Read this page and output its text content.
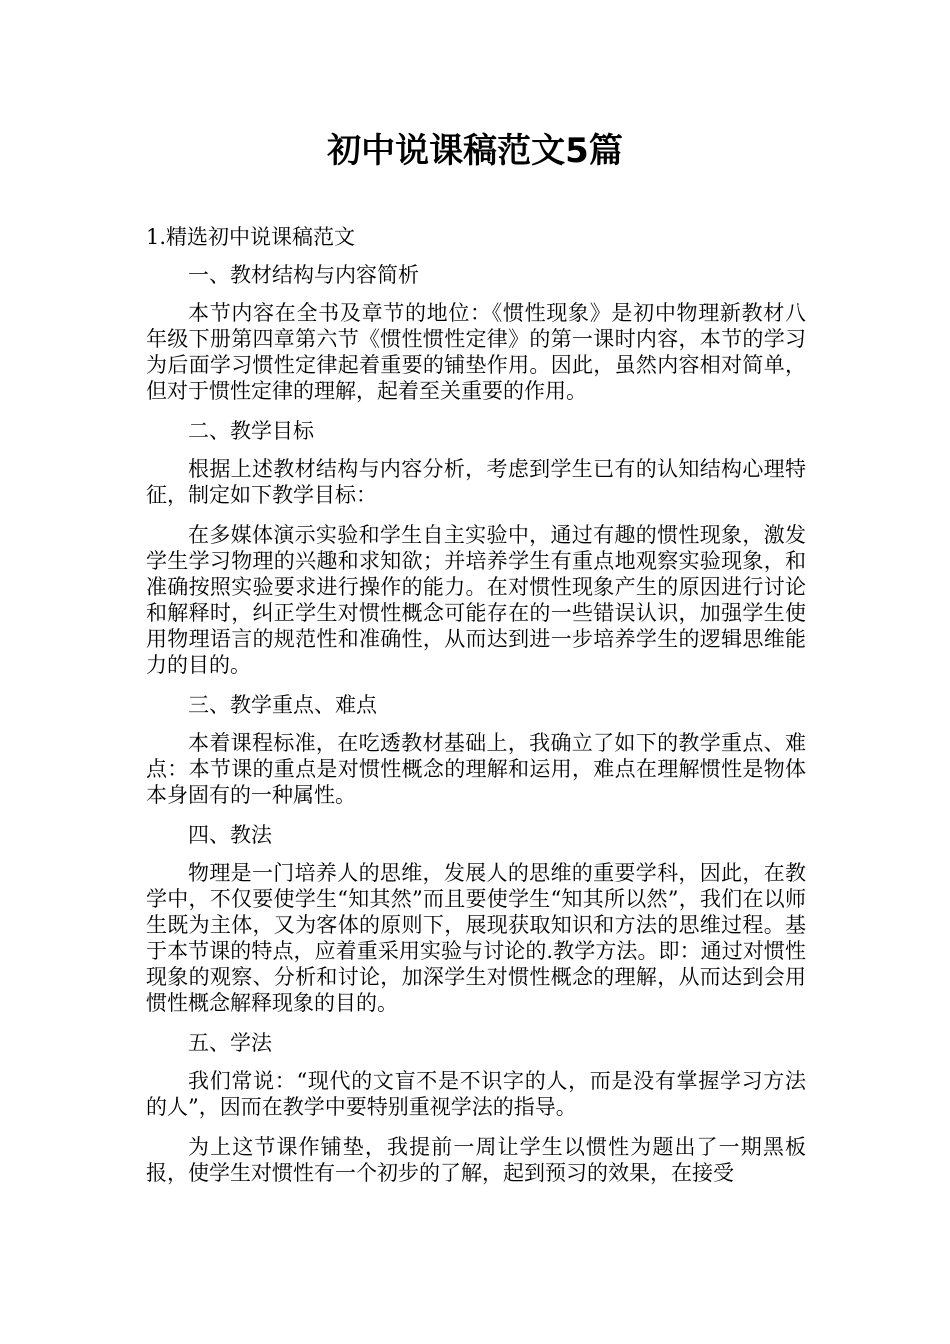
初中说课稿范文5篇

1.精选初中说课稿范文

一、教材结构与内容简析

本节内容在全书及章节的地位：《惯性现象》是初中物理新教材八年级下册第四章第六节《惯性惯性定律》的第一课时内容，本节的学习为后面学习惯性定律起着重要的铺垫作用。因此，虽然内容相对简单，但对于惯性定律的理解，起着至关重要的作用。

二、教学目标

根据上述教材结构与内容分析，考虑到学生已有的认知结构心理特征，制定如下教学目标：

在多媒体演示实验和学生自主实验中，通过有趣的惯性现象，激发学生学习物理的兴趣和求知欲；并培养学生有重点地观察实验现象，和准确按照实验要求进行操作的能力。在对惯性现象产生的原因进行讨论和解释时，纠正学生对惯性概念可能存在的一些错误认识，加强学生使用物理语言的规范性和准确性，从而达到进一步培养学生的逻辑思维能力的目的。

三、教学重点、难点

本着课程标准，在吃透教材基础上，我确立了如下的教学重点、难点：本节课的重点是对惯性概念的理解和运用，难点在理解惯性是物体本身固有的一种属性。

四、教法

物理是一门培养人的思维，发展人的思维的重要学科，因此，在教学中，不仅要使学生“知其然”而且要使学生“知其所以然”，我们在以师生既为主体，又为客体的原则下，展现获取知识和方法的思维过程。基于本节课的特点，应着重采用实验与讨论的.教学方法。即：通过对惯性现象的观察、分析和讨论，加深学生对惯性概念的理解，从而达到会用惯性概念解释现象的目的。

五、学法

我们常说：“现代的文盲不是不识字的人，而是没有掌握学习方法的人”，因而在教学中要特别重视学法的指导。

为上这节课作铺垫，我提前一周让学生以惯性为题出了一期黑板报，使学生对惯性有一个初步的了解，起到预习的效果，在接受
